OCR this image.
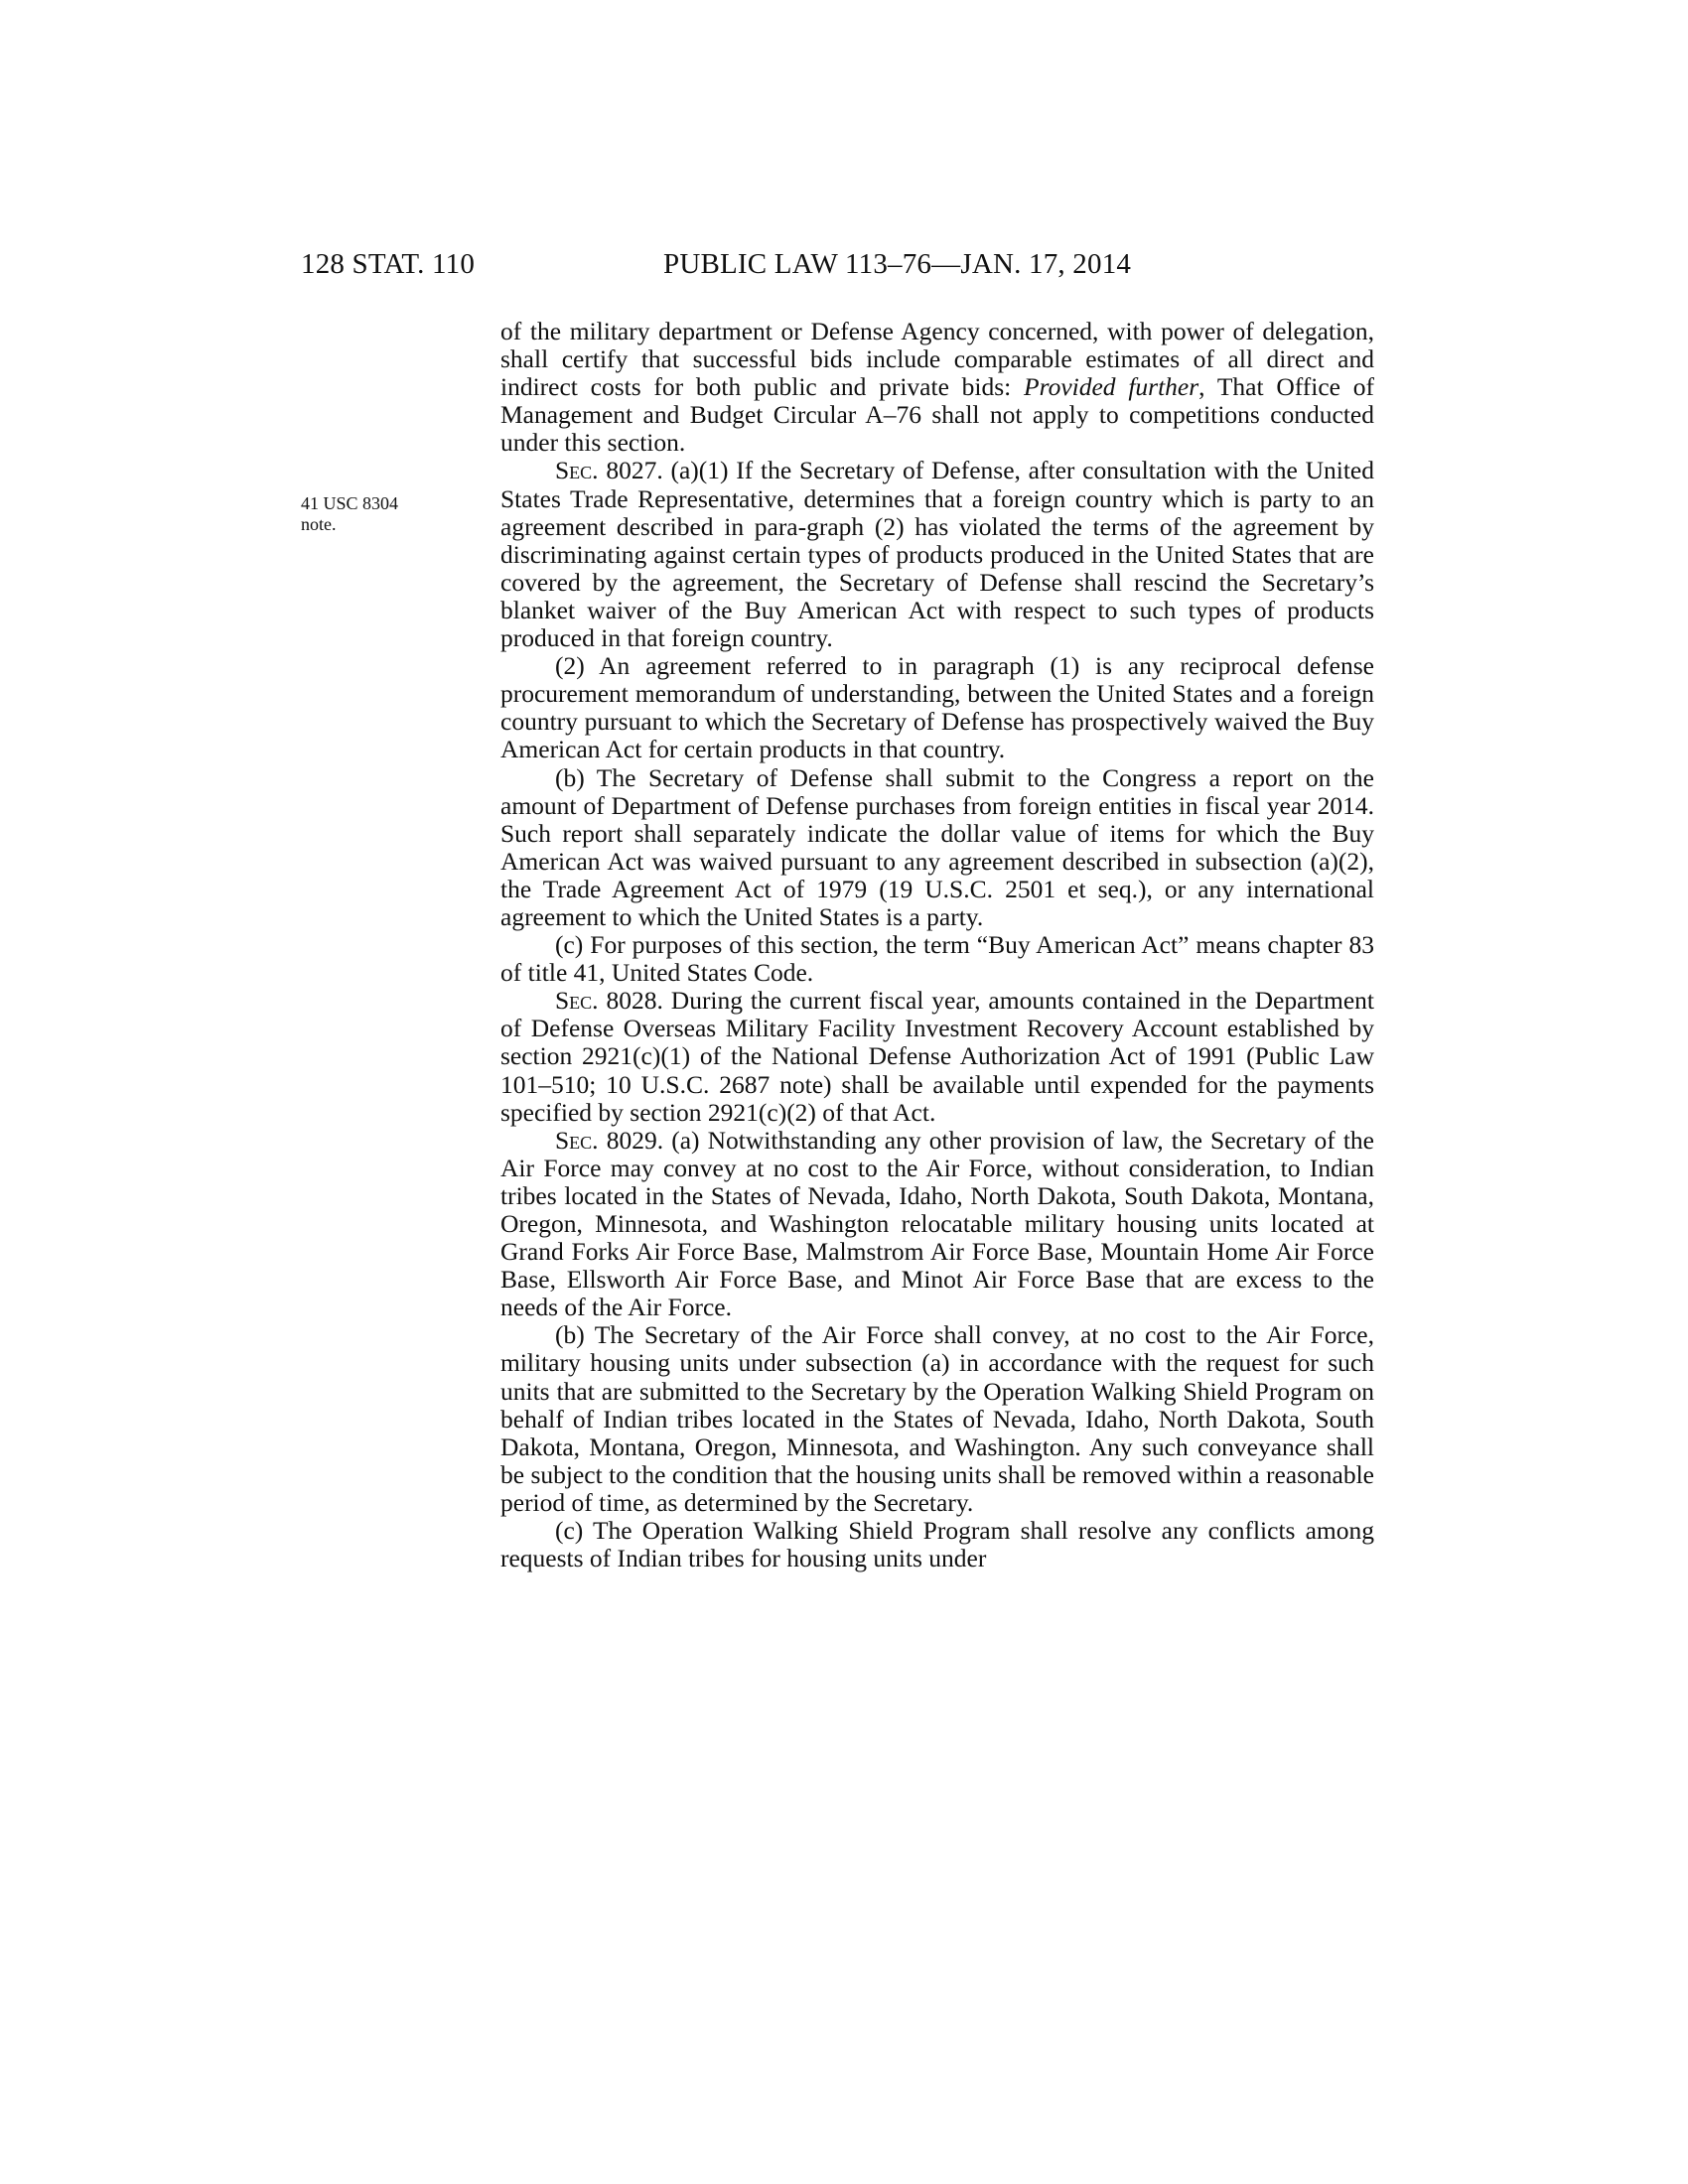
128 STAT. 110	PUBLIC LAW 113–76—JAN. 17, 2014
41 USC 8304
note.

of the military department or Defense Agency concerned, with power of delegation, shall certify that successful bids include comparable estimates of all direct and indirect costs for both public and private bids: Provided further, That Office of Management and Budget Circular A–76 shall not apply to competitions conducted under this section.

Sec. 8027. (a)(1) If the Secretary of Defense, after consultation with the United States Trade Representative, determines that a foreign country which is party to an agreement described in para-graph (2) has violated the terms of the agreement by discriminating against certain types of products produced in the United States that are covered by the agreement, the Secretary of Defense shall rescind the Secretary’s blanket waiver of the Buy American Act with respect to such types of products produced in that foreign country.

(2) An agreement referred to in paragraph (1) is any reciprocal defense procurement memorandum of understanding, between the United States and a foreign country pursuant to which the Secretary of Defense has prospectively waived the Buy American Act for certain products in that country.

(b) The Secretary of Defense shall submit to the Congress a report on the amount of Department of Defense purchases from foreign entities in fiscal year 2014. Such report shall separately indicate the dollar value of items for which the Buy American Act was waived pursuant to any agreement described in subsection (a)(2), the Trade Agreement Act of 1979 (19 U.S.C. 2501 et seq.), or any international agreement to which the United States is a party.

(c) For purposes of this section, the term “Buy American Act” means chapter 83 of title 41, United States Code.

Sec. 8028. During the current fiscal year, amounts contained in the Department of Defense Overseas Military Facility Investment Recovery Account established by section 2921(c)(1) of the National Defense Authorization Act of 1991 (Public Law 101–510; 10 U.S.C. 2687 note) shall be available until expended for the payments specified by section 2921(c)(2) of that Act.

Sec. 8029. (a) Notwithstanding any other provision of law, the Secretary of the Air Force may convey at no cost to the Air Force, without consideration, to Indian tribes located in the States of Nevada, Idaho, North Dakota, South Dakota, Montana, Oregon, Minnesota, and Washington relocatable military housing units located at Grand Forks Air Force Base, Malmstrom Air Force Base, Mountain Home Air Force Base, Ellsworth Air Force Base, and Minot Air Force Base that are excess to the needs of the Air Force.

(b) The Secretary of the Air Force shall convey, at no cost to the Air Force, military housing units under subsection (a) in accordance with the request for such units that are submitted to the Secretary by the Operation Walking Shield Program on behalf of Indian tribes located in the States of Nevada, Idaho, North Dakota, South Dakota, Montana, Oregon, Minnesota, and Washington. Any such conveyance shall be subject to the condition that the housing units shall be removed within a reasonable period of time, as determined by the Secretary.

(c) The Operation Walking Shield Program shall resolve any conflicts among requests of Indian tribes for housing units under
